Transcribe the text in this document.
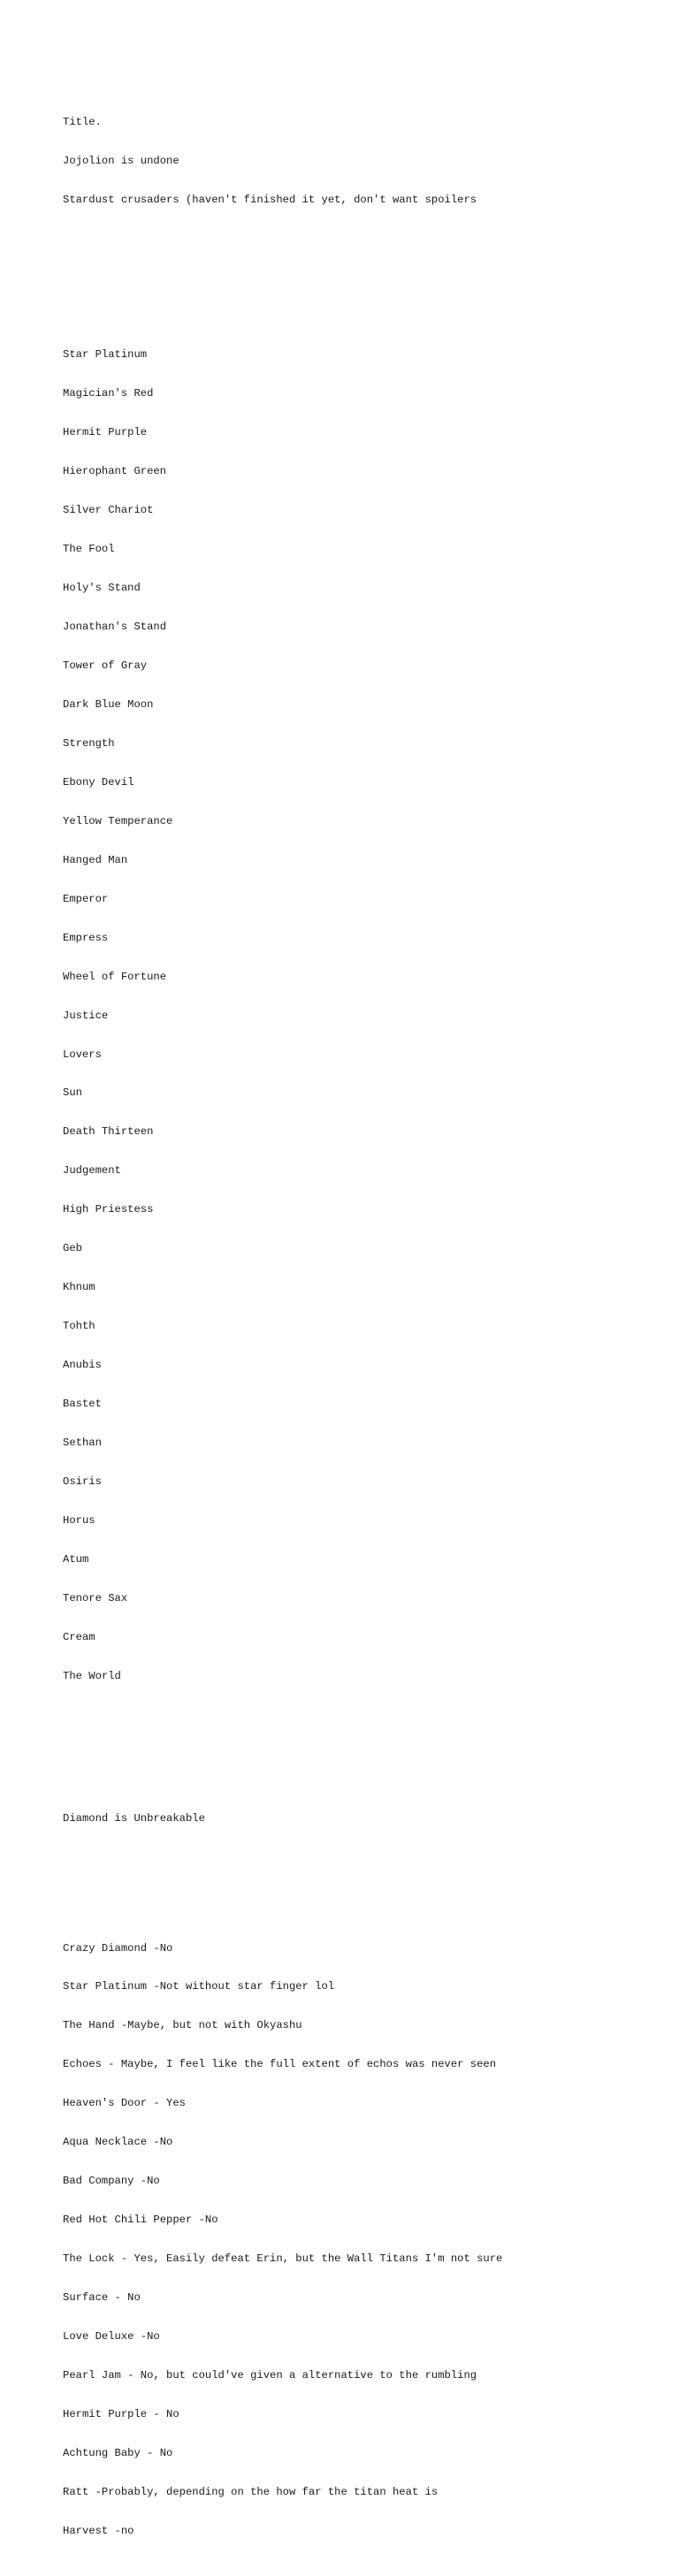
Title.

Jojolion is undone

Stardust crusaders (haven't finished it yet, don't want spoilers

Star Platinum

Magician's Red

Hermit Purple

Hierophant Green

Silver Chariot

The Fool

Holy's Stand

Jonathan's Stand

Tower of Gray

Dark Blue Moon

Strength

Ebony Devil

Yellow Temperance

Hanged Man

Emperor

Empress

Wheel of Fortune

Justice

Lovers

Sun

Death Thirteen

Judgement

High Priestess

Geb

Khnum

Tohth

Anubis

Bastet

Sethan

Osiris

Horus

Atum

Tenore Sax

Cream

The World

Diamond is Unbreakable

Crazy Diamond -No

Star Platinum -Not without star finger lol

The Hand -Maybe, but not with Okyashu

Echoes - Maybe, I feel like the full extent of echos was never seen

Heaven's Door - Yes

Aqua Necklace -No

Bad Company -No

Red Hot Chili Pepper -No

The Lock - Yes, Easily defeat Erin, but the Wall Titans I'm not sure

Surface - No

Love Deluxe -No

Pearl Jam - No, but could've given a alternative to the rumbling

Hermit Purple - No

Achtung Baby - No

Ratt -Probably, depending on the how far the titan heat is

Harvest -no
